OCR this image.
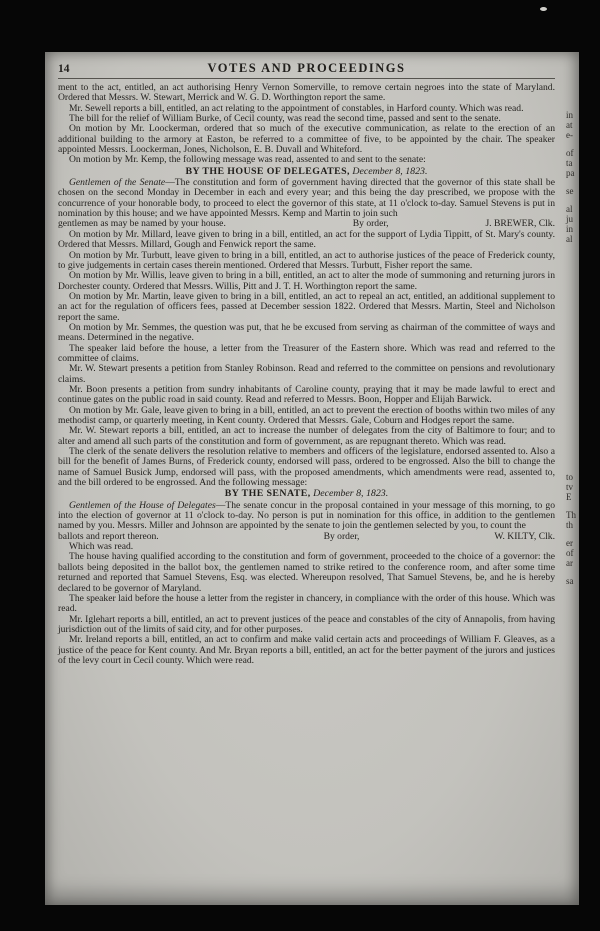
14	VOTES AND PROCEEDINGS

ment to the act, entitled, an act authorising Henry Vernon Somerville, to remove certain negroes into the state of Maryland. Ordered that Messrs. W. Stewart, Merrick and W. G. D. Worthington report the same.

Mr. Sewell reports a bill, entitled, an act relating to the appointment of constables, in Harford county. Which was read.

The bill for the relief of William Burke, of Cecil county, was read the second time, passed and sent to the senate.

On motion by Mr. Loockerman, ordered that so much of the executive communication, as relate to the erection of an additional building to the armory at Easton, be referred to a committee of five, to be appointed by the chair. The speaker appointed Messrs. Loockerman, Jones, Nicholson, E. B. Duvall and Whiteford.

On motion by Mr. Kemp, the following message was read, assented to and sent to the senate:

BY THE HOUSE OF DELEGATES, December 8, 1823.

Gentlemen of the Senate—The constitution and form of government having directed that the governor of this state shall be chosen on the second Monday in December in each and every year; and this being the day prescribed, we propose with the concurrence of your honorable body, to proceed to elect the governor of this state, at 11 o'clock to-day. Samuel Stevens is put in nomination by this house; and we have appointed Messrs. Kemp and Martin to join such

gentlemen as may be named by your house.	By order,	J. BREWER, Clk.

On motion by Mr. Millard, leave given to bring in a bill, entitled, an act for the support of Lydia Tippitt, of St. Mary's county. Ordered that Messrs. Millard, Gough and Fenwick report the same.

On motion by Mr. Turbutt, leave given to bring in a bill, entitled, an act to authorise justices of the peace of Frederick county, to give judgements in certain cases therein mentioned. Ordered that Messrs. Turbutt, Fisher report the same.

On motion by Mr. Willis, leave given to bring in a bill, entitled, an act to alter the mode of summoning and returning jurors in Dorchester county. Ordered that Messrs. Willis, Pitt and J. T. H. Worthington report the same.

On motion by Mr. Martin, leave given to bring in a bill, entitled, an act to repeal an act, entitled, an additional supplement to an act for the regulation of officers fees, passed at December session 1822. Ordered that Messrs. Martin, Steel and Nicholson report the same.

On motion by Mr. Semmes, the question was put, that he be excused from serving as chairman of the committee of ways and means. Determined in the negative.

The speaker laid before the house, a letter from the Treasurer of the Eastern shore. Which was read and referred to the committee of claims.

Mr. W. Stewart presents a petition from Stanley Robinson. Read and referred to the committee on pensions and revolutionary claims.

Mr. Boon presents a petition from sundry inhabitants of Caroline county, praying that it may be made lawful to erect and continue gates on the public road in said county. Read and referred to Messrs. Boon, Hopper and Elijah Barwick.

On motion by Mr. Gale, leave given to bring in a bill, entitled, an act to prevent the erection of booths within two miles of any methodist camp, or quarterly meeting, in Kent county. Ordered that Messrs. Gale, Coburn and Hodges report the same.

Mr. W. Stewart reports a bill, entitled, an act to increase the number of delegates from the city of Baltimore to four; and to alter and amend all such parts of the constitution and form of government, as are repugnant thereto. Which was read.

The clerk of the senate delivers the resolution relative to members and officers of the legislature, endorsed assented to. Also a bill for the benefit of James Burns, of Frederick county, endorsed will pass, ordered to be engrossed. Also the bill to change the name of Samuel Busick Jump, endorsed will pass, with the proposed amendments, which amendments were read, assented to, and the bill ordered to be engrossed. And the following message:

BY THE SENATE, December 8, 1823.

Gentlemen of the House of Delegates—The senate concur in the proposal contained in your message of this morning, to go into the election of governor at 11 o'clock to-day. No person is put in nomination for this office, in addition to the gentlemen named by you. Messrs. Miller and Johnson are appointed by the senate to join the gentlemen selected by you, to count the

ballots and report thereon.	By order,	W. KILTY, Clk.

Which was read.

The house having qualified according to the constitution and form of government, proceeded to the choice of a governor: the ballots being deposited in the ballot box, the gentlemen named to strike retired to the conference room, and after some time returned and reported that Samuel Stevens, Esq. was elected. Whereupon resolved, That Samuel Stevens, be, and he is hereby declared to be governor of Maryland.

The speaker laid before the house a letter from the register in chancery, in compliance with the order of this house. Which was read.

Mr. Iglehart reports a bill, entitled, an act to prevent justices of the peace and constables of the city of Annapolis, from having jurisdiction out of the limits of said city, and for other purposes.

Mr. Ireland reports a bill, entitled, an act to confirm and make valid certain acts and proceedings of William F. Gleaves, as a justice of the peace for Kent county. And Mr. Bryan reports a bill, entitled, an act for the better payment of the jurors and justices of the levy court in Cecil county. Which were read.

in
at
e-
of
ta
pa
se
al
ju
in
al
to
tv
E
Th
th
er
of
ar
sa
